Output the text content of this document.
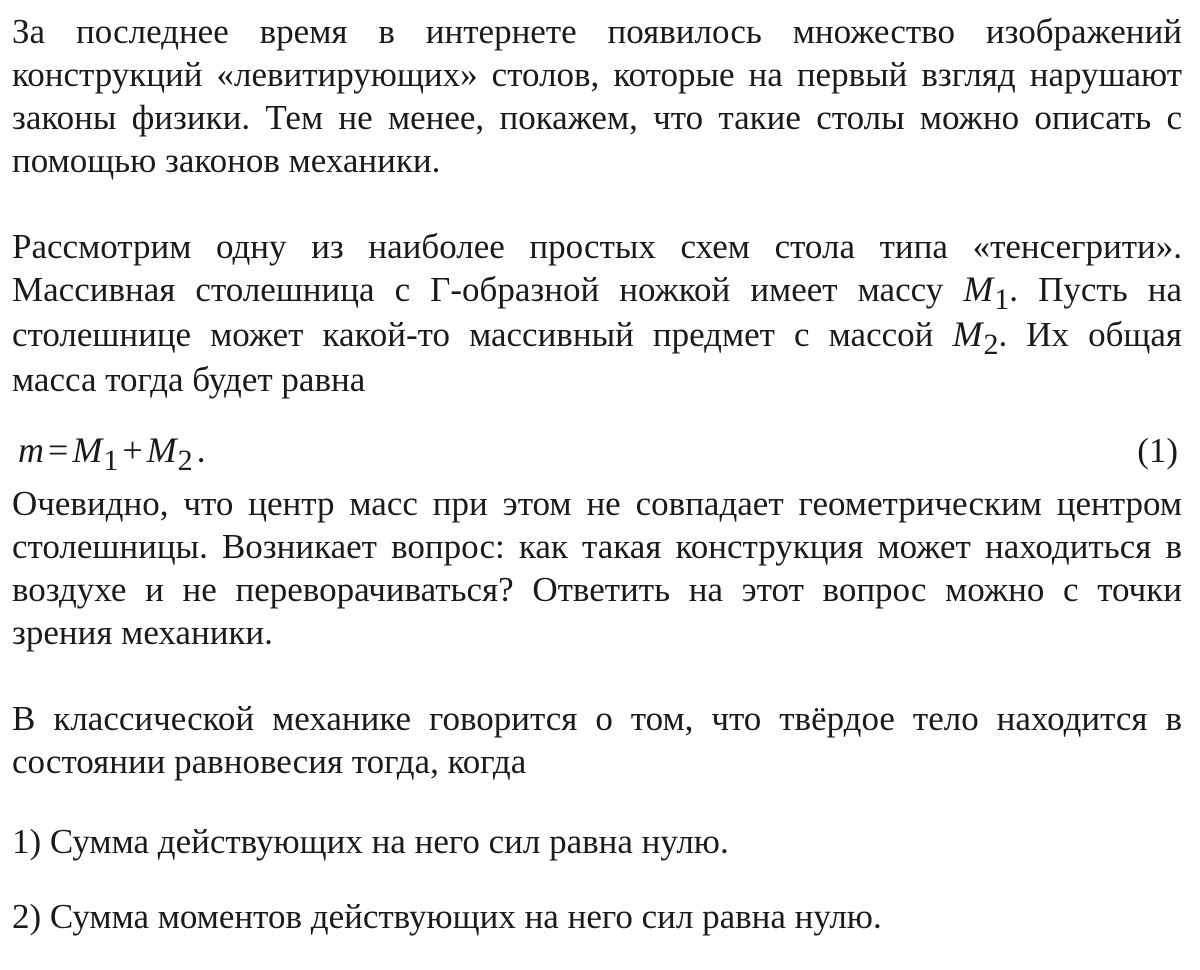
За последнее время в интернете появилось множество изображений конструкций «левитирующих» столов, которые на первый взгляд нарушают законы физики. Тем не менее, покажем, что такие столы можно описать с помощью законов механики.

Рассмотрим одну из наиболее простых схем стола типа «тенсегрити». Массивная столешница с Г-образной ножкой имеет массу $M_1$. Пусть на столешнице может какой-то массивный предмет с массой $M_2$. Их общая масса тогда будет равна

$m = M_1 + M_2$ .	(1)

Очевидно, что центр масс при этом не совпадает геометрическим центром столешницы. Возникает вопрос: как такая конструкция может находиться в воздухе и не переворачиваться? Ответить на этот вопрос можно с точки зрения механики.

В классической механике говорится о том, что твёрдое тело находится в состоянии равновесия тогда, когда

1) Сумма действующих на него сил равна нулю.

2) Сумма моментов действующих на него сил равна нулю.
